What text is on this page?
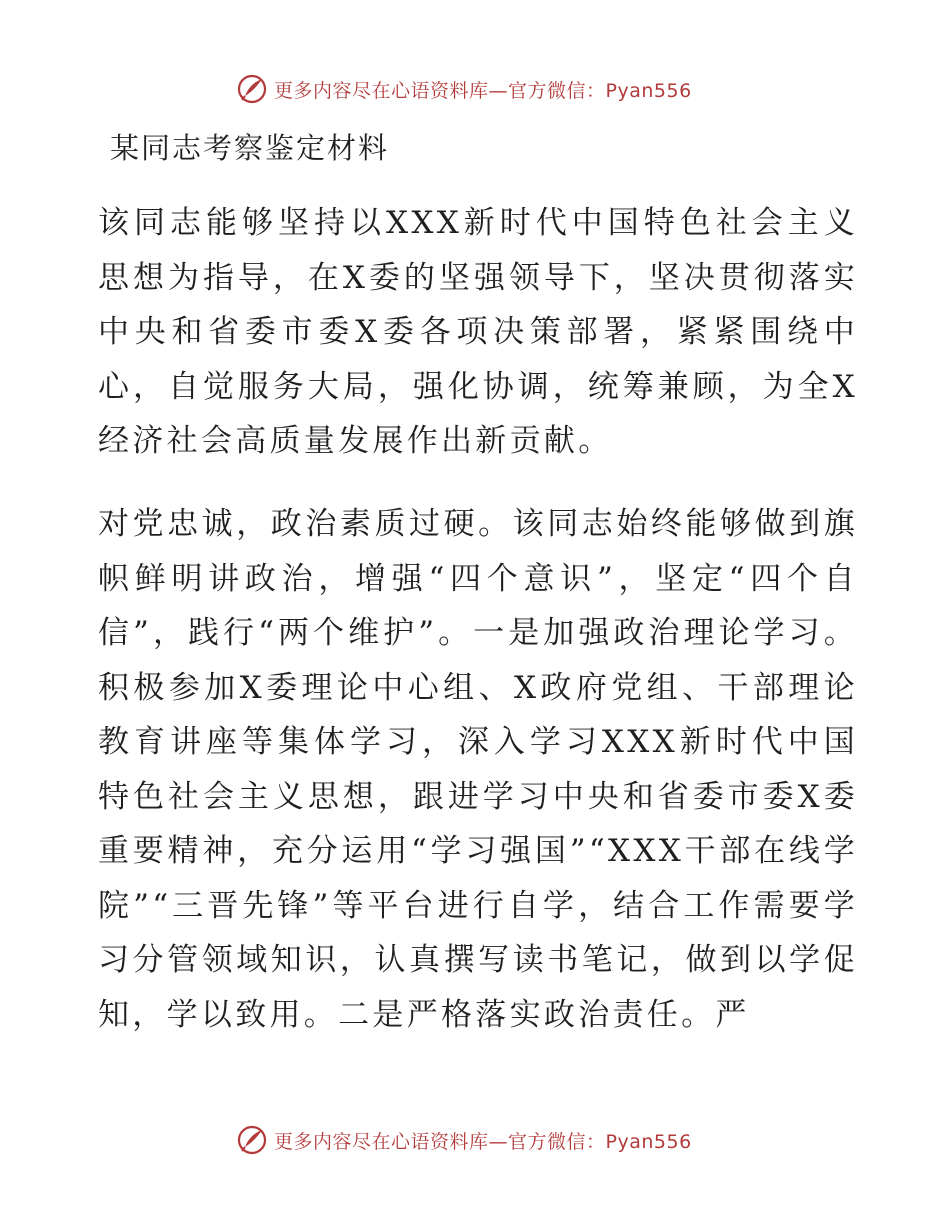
更多内容尽在心语资料库—官方微信：Pyan556
某同志考察鉴定材料

该同志能够坚持以XXX新时代中国特色社会主义思想为指导，在X委的坚强领导下，坚决贯彻落实中央和省委市委X委各项决策部署，紧紧围绕中心，自觉服务大局，强化协调，统筹兼顾，为全X经济社会高质量发展作出新贡献。

对党忠诚，政治素质过硬。该同志始终能够做到旗帜鲜明讲政治，增强“四个意识”，坚定“四个自信”，践行“两个维护”。一是加强政治理论学习。积极参加X委理论中心组、X政府党组、干部理论教育讲座等集体学习，深入学习XXX新时代中国特色社会主义思想，跟进学习中央和省委市委X委重要精神，充分运用“学习强国”“XXX干部在线学院”“三晋先锋”等平台进行自学，结合工作需要学习分管领域知识，认真撰写读书笔记，做到以学促知，学以致用。二是严格落实政治责任。严

更多内容尽在心语资料库—官方微信：Pyan556
